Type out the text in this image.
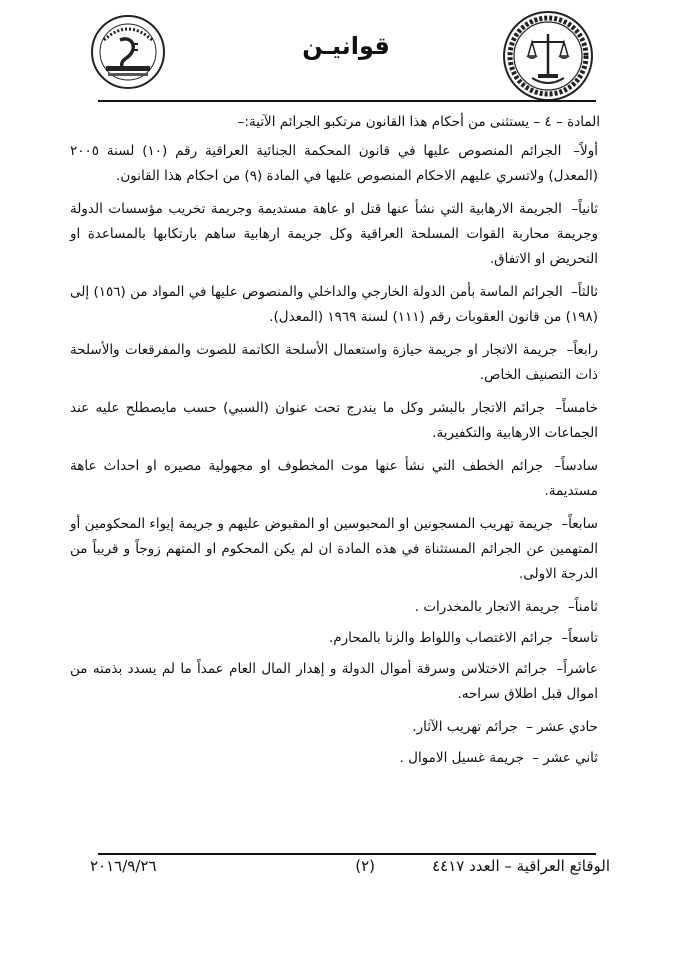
قوانيـن

المادة – ٤ – يستثنى من أحكام هذا القانون مرتكبو الجرائم الآتية:–

أولاً– الجرائم المنصوص عليها في قانون المحكمة الجنائية العراقية رقم (١٠) لسنة ٢٠٠٥ (المعدل) ولاتسري عليهم الاحكام المنصوص عليها في المادة (٩) من احكام هذا القانون.

ثانياً– الجريمة الارهابية التي نشأ عنها قتل او عاهة مستديمة وجريمة تخريب مؤسسات الدولة وجريمة محاربة القوات المسلحة العراقية وكل جريمة ارهابية ساهم بارتكابها بالمساعدة او التحريض او الاتفاق.

ثالثاً– الجرائم الماسة بأمن الدولة الخارجي والداخلي والمنصوص عليها في المواد من (١٥٦) إلى (١٩٨) من قانون العقوبات رقم (١١١) لسنة ١٩٦٩ (المعدل).

رابعاً– جريمة الاتجار او جريمة حيازة واستعمال الأسلحة الكاتمة للصوت والمفرقعات والأسلحة ذات التصنيف الخاص.

خامساً– جرائم الاتجار بالبشر وكل ما يندرج تحت عنوان (السبي) حسب مايصطلح عليه عند الجماعات الارهابية والتكفيرية.

سادساً– جرائم الخطف التي نشأ عنها موت المخطوف او مجهولية مصيره او احداث عاهة مستديمة.

سابعاً– جريمة تهريب المسجونين او المحبوسين او المقبوض عليهم و جريمة إيواء المحكومين أو المتهمين عن الجرائم المستثناة في هذه المادة ان لم يكن المحكوم او المتهم زوجاً و قريباً من الدرجة الاولى.

ثامناً– جريمة الاتجار بالمخدرات .

تاسعاً– جرائم الاغتصاب واللواط والزنا بالمحارم.

عاشراً– جرائم الاختلاس وسرقة أموال الدولة و إهدار المال العام عمداً ما لم يسدد بذمته من اموال قبل اطلاق سراحه.

حادي عشر – جرائم تهريب الآثار.

ثاني عشر – جريمة غسيل الاموال .

الوقائع العراقية – العدد ٤٤١٧
(٢)
٢٠١٦/٩/٢٦
